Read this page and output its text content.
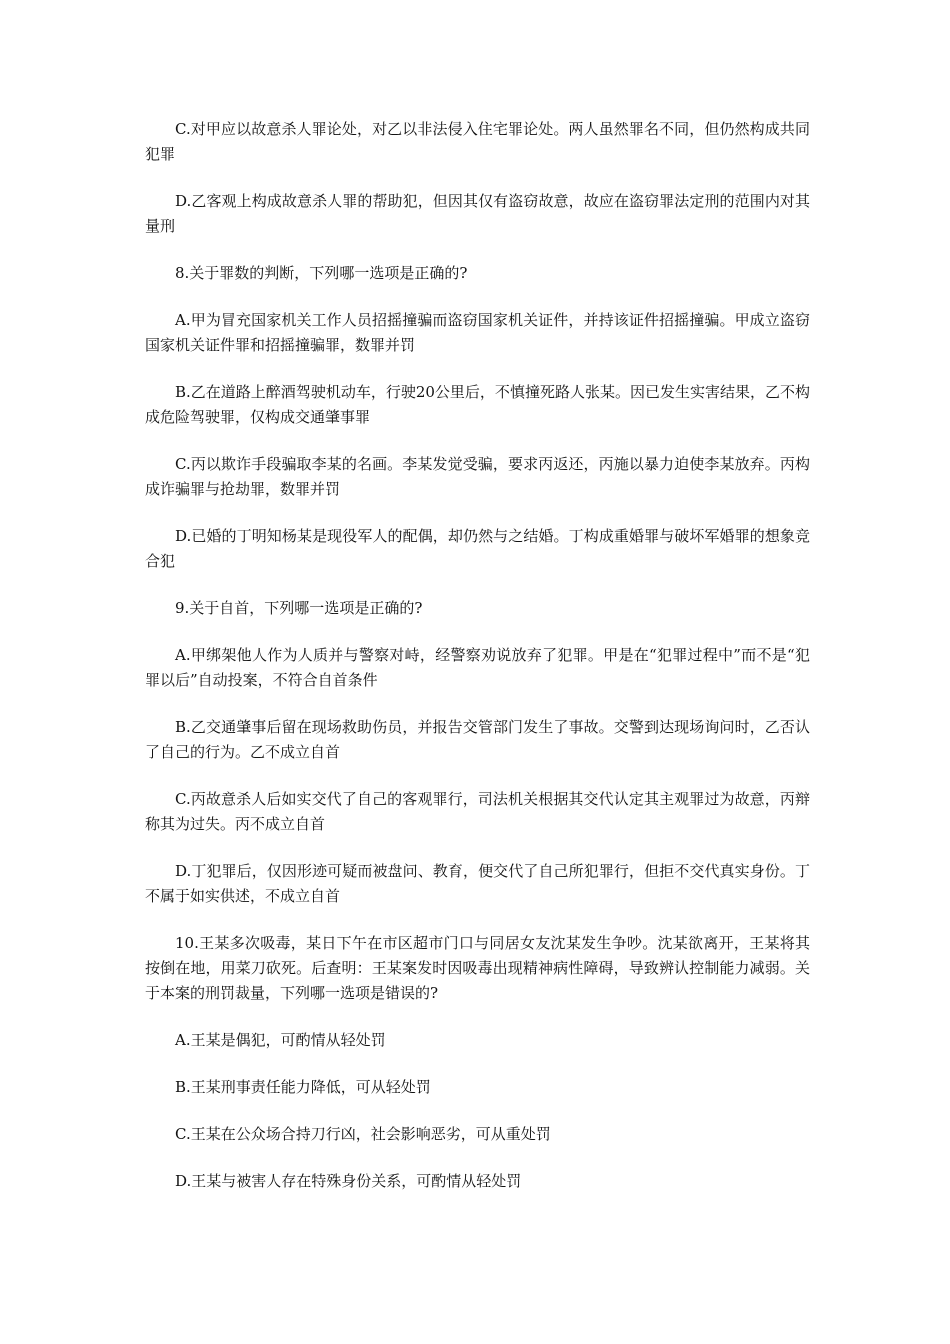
C.对甲应以故意杀人罪论处，对乙以非法侵入住宅罪论处。两人虽然罪名不同，但仍然构成共同犯罪

D.乙客观上构成故意杀人罪的帮助犯，但因其仅有盗窃故意，故应在盗窃罪法定刑的范围内对其量刑

8.关于罪数的判断，下列哪一选项是正确的?

A.甲为冒充国家机关工作人员招摇撞骗而盗窃国家机关证件，并持该证件招摇撞骗。甲成立盗窃国家机关证件罪和招摇撞骗罪，数罪并罚

B.乙在道路上醉酒驾驶机动车，行驶20公里后，不慎撞死路人张某。因已发生实害结果，乙不构成危险驾驶罪，仅构成交通肇事罪

C.丙以欺诈手段骗取李某的名画。李某发觉受骗，要求丙返还，丙施以暴力迫使李某放弃。丙构成诈骗罪与抢劫罪，数罪并罚

D.已婚的丁明知杨某是现役军人的配偶，却仍然与之结婚。丁构成重婚罪与破坏军婚罪的想象竞合犯

9.关于自首，下列哪一选项是正确的?

A.甲绑架他人作为人质并与警察对峙，经警察劝说放弃了犯罪。甲是在“犯罪过程中”而不是“犯罪以后”自动投案，不符合自首条件

B.乙交通肇事后留在现场救助伤员，并报告交管部门发生了事故。交警到达现场询问时，乙否认了自己的行为。乙不成立自首

C.丙故意杀人后如实交代了自己的客观罪行，司法机关根据其交代认定其主观罪过为故意，丙辩称其为过失。丙不成立自首

D.丁犯罪后，仅因形迹可疑而被盘问、教育，便交代了自己所犯罪行，但拒不交代真实身份。丁不属于如实供述，不成立自首

10.王某多次吸毒，某日下午在市区超市门口与同居女友沈某发生争吵。沈某欲离开，王某将其按倒在地，用菜刀砍死。后查明：王某案发时因吸毒出现精神病性障碍，导致辨认控制能力减弱。关于本案的刑罚裁量，下列哪一选项是错误的?

A.王某是偶犯，可酌情从轻处罚

B.王某刑事责任能力降低，可从轻处罚

C.王某在公众场合持刀行凶，社会影响恶劣，可从重处罚

D.王某与被害人存在特殊身份关系，可酌情从轻处罚
